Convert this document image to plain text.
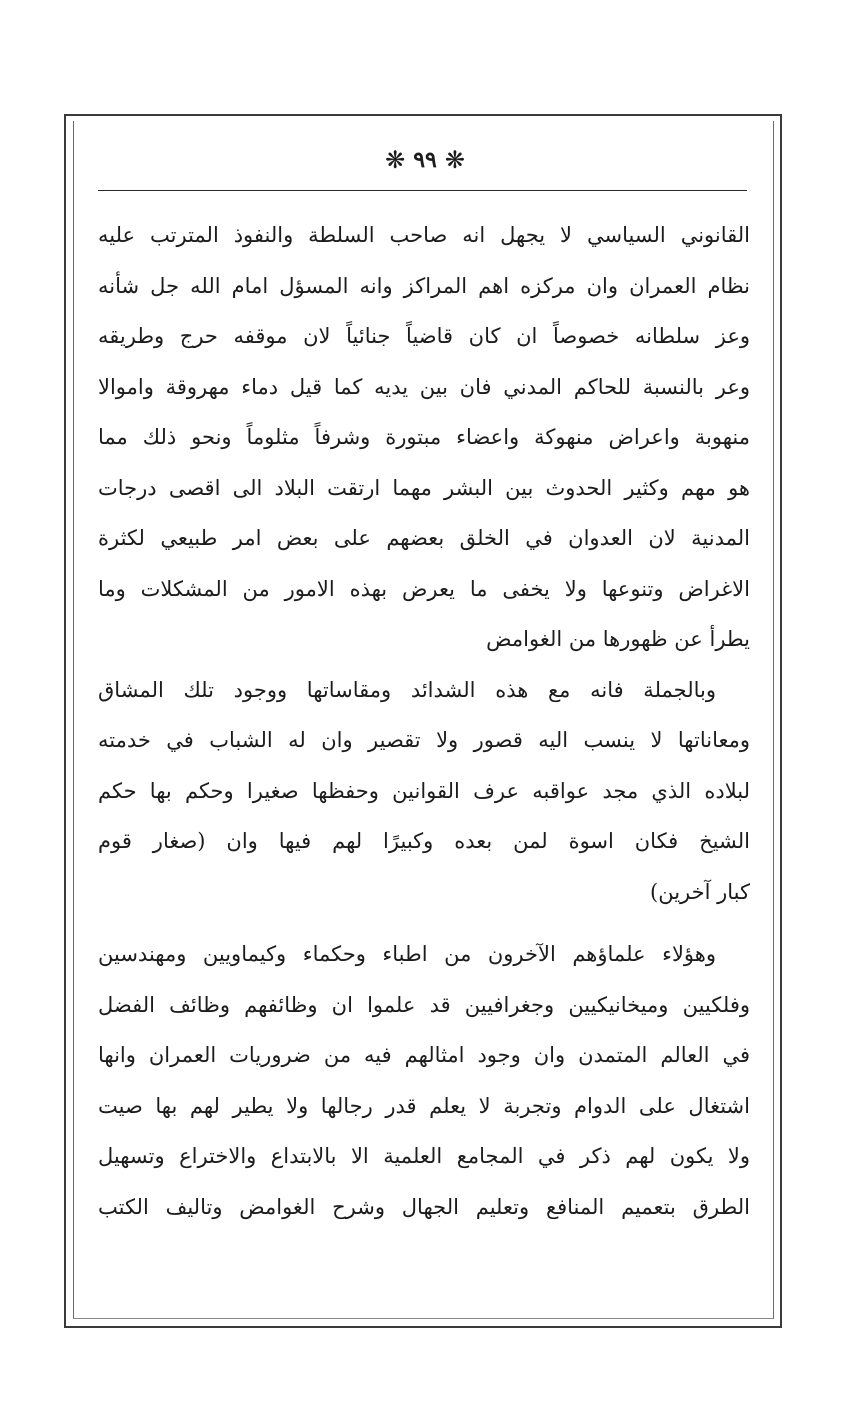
❋
٩٩
❋
القانوني السياسي لا يجهل انه صاحب السلطة والنفوذ المترتب عليه
نظام العمران وان مركزه اهم المراكز وانه المسؤل امام الله جل شأنه
وعز سلطانه خصوصاً ان كان قاضياً جنائياً لان موقفه حرج وطريقه
وعر بالنسبة للحاكم المدني فان بين يديه كما قيل دماء مهروقة واموالا
منهوبة واعراض منهوكة واعضاء مبتورة وشرفاً مثلوماً ونحو ذلك مما
هو مهم وكثير الحدوث بين البشر مهما ارتقت البلاد الى اقصى درجات
المدنية لان العدوان في الخلق بعضهم على بعض امر طبيعي لكثرة
الاغراض وتنوعها ولا يخفى ما يعرض بهذه الامور من المشكلات وما
يطرأ عن ظهورها من الغوامض
وبالجملة فانه مع هذه الشدائد ومقاساتها ووجود تلك المشاق
ومعاناتها لا ينسب اليه قصور ولا تقصير وان له الشباب في خدمته
لبلاده الذي مجد عواقبه عرف القوانين وحفظها صغيرا وحكم بها حكم
الشيخ فكان اسوة لمن بعده وكبيرًا لهم فيها وان (صغار قوم
كبار آخرين)
وهؤلاء علماؤهم الآخرون من اطباء وحكماء وكيماويين ومهندسين
وفلكيين وميخانيكيين وجغرافيين قد علموا ان وظائفهم وظائف الفضل
في العالم المتمدن وان وجود امثالهم فيه من ضروريات العمران وانها
اشتغال على الدوام وتجربة لا يعلم قدر رجالها ولا يطير لهم بها صيت
ولا يكون لهم ذكر في المجامع العلمية الا بالابتداع والاختراع وتسهيل
الطرق بتعميم المنافع وتعليم الجهال وشرح الغوامض وتاليف الكتب
